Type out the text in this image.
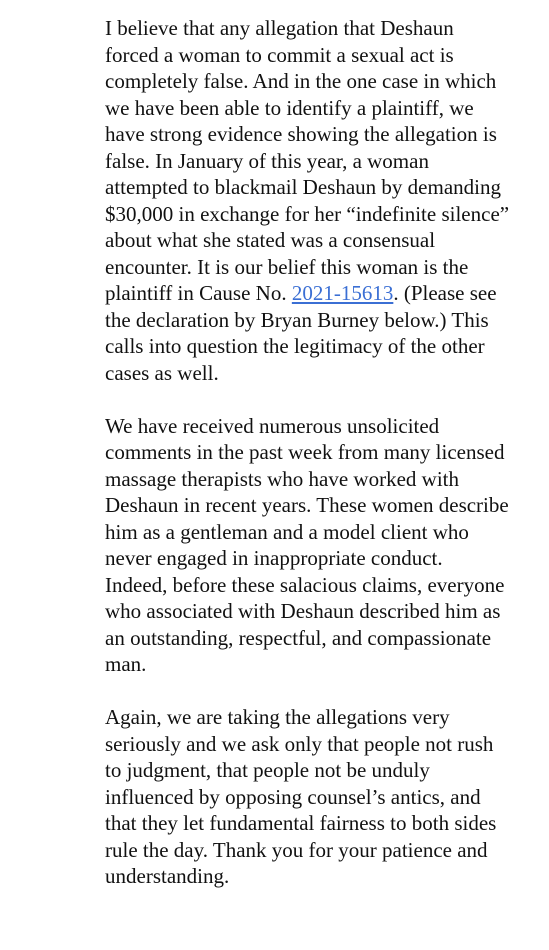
I believe that any allegation that Deshaun
forced a woman to commit a sexual act is
completely false. And in the one case in which
we have been able to identify a plaintiff, we
have strong evidence showing the allegation is
false. In January of this year, a woman
attempted to blackmail Deshaun by demanding
$30,000 in exchange for her “indefinite silence”
about what she stated was a consensual
encounter. It is our belief this woman is the
plaintiff in Cause No. 2021-15613. (Please see
the declaration by Bryan Burney below.) This
calls into question the legitimacy of the other
cases as well.

We have received numerous unsolicited
comments in the past week from many licensed
massage therapists who have worked with
Deshaun in recent years. These women describe
him as a gentleman and a model client who
never engaged in inappropriate conduct.
Indeed, before these salacious claims, everyone
who associated with Deshaun described him as
an outstanding, respectful, and compassionate
man.

Again, we are taking the allegations very
seriously and we ask only that people not rush
to judgment, that people not be unduly
influenced by opposing counsel’s antics, and
that they let fundamental fairness to both sides
rule the day. Thank you for your patience and
understanding.
